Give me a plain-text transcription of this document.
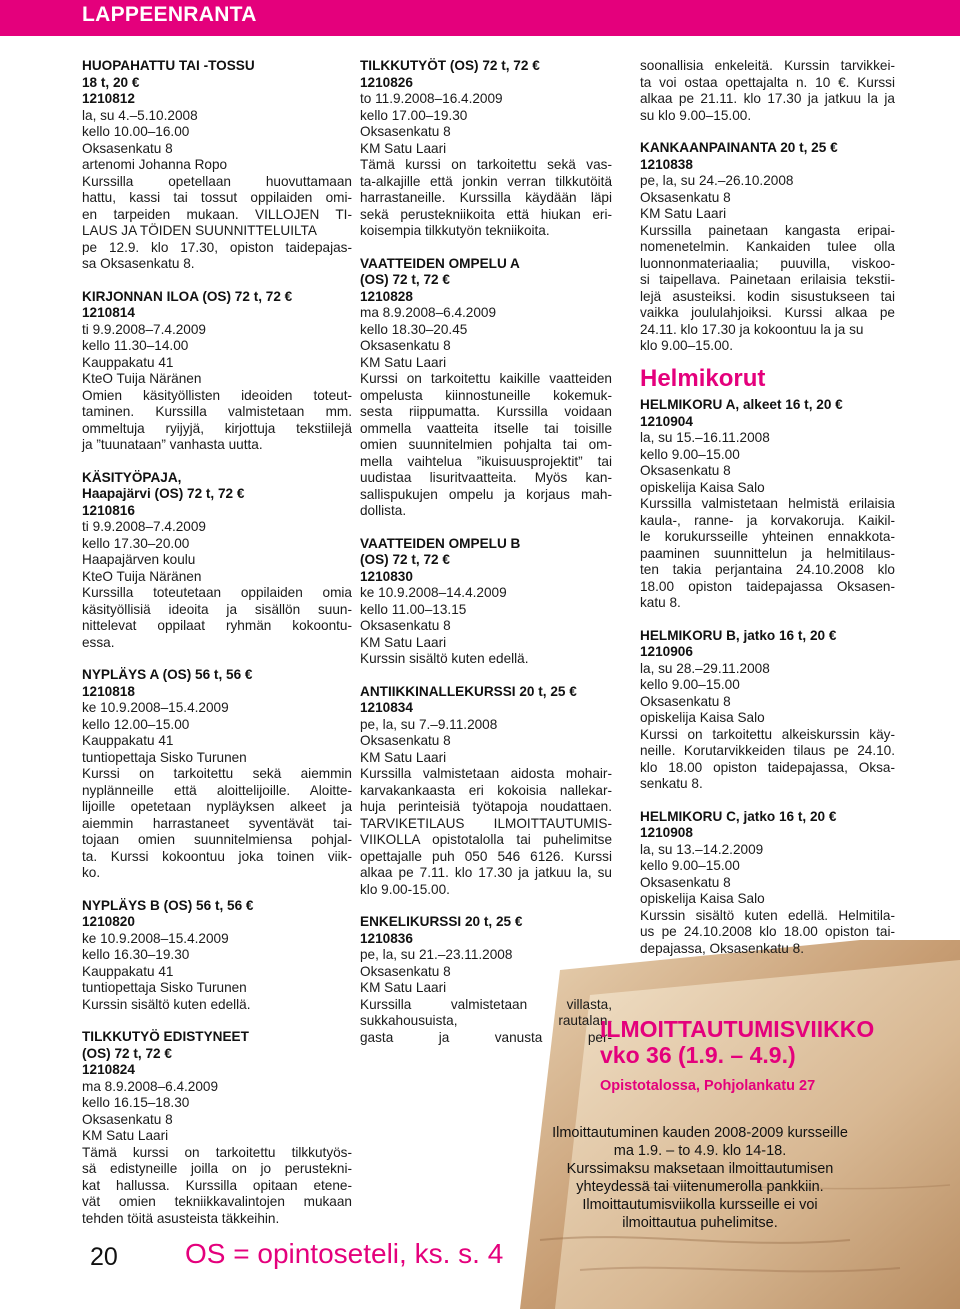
LAPPEENRANTA
HUOPAHATTU TAI -TOSSU
18 t, 20 €
1210812
la, su 4.–5.10.2008
kello 10.00–16.00
Oksasenkatu 8
artenomi Johanna Ropo
Kurssilla opetellaan huovuttamaan
hattu, kassi tai tossut oppilaiden omi-
en tarpeiden mukaan. VILLOJEN TI-
LAUS JA TÖIDEN SUUNNITTELUILTA
pe 12.9. klo 17.30, opiston taidepajas-
sa Oksasenkatu 8.
KIRJONNAN ILOA (OS) 72 t, 72 €
1210814
ti 9.9.2008–7.4.2009
kello 11.30–14.00
Kauppakatu 41
KteO Tuija Näränen
Omien käsityöllisten ideoiden toteut-
taminen. Kurssilla valmistetaan mm.
ommeltuja ryijyjä, kirjottuja tekstiilejä
ja ”tuunataan” vanhasta uutta.
KÄSITYÖPAJA,
Haapajärvi (OS) 72 t, 72 €
1210816
ti 9.9.2008–7.4.2009
kello 17.30–20.00
Haapajärven koulu
KteO Tuija Näränen
Kurssilla toteutetaan oppilaiden omia
käsityöllisiä ideoita ja sisällön suun-
nittelevat oppilaat ryhmän kokoontu-
essa.
NYPLÄYS A (OS) 56 t, 56 €
1210818
ke 10.9.2008–15.4.2009
kello 12.00–15.00
Kauppakatu 41
tuntiopettaja Sisko Turunen
Kurssi on tarkoitettu sekä aiemmin
nyplänneille että aloittelijoille. Aloitte-
lijoille opetetaan nypläyksen alkeet ja
aiemmin harrastaneet syventävät tai-
tojaan omien suunnitelmiensa pohjal-
ta. Kurssi kokoontuu joka toinen viik-
ko.
NYPLÄYS B (OS) 56 t, 56 €
1210820
ke 10.9.2008–15.4.2009
kello 16.30–19.30
Kauppakatu 41
tuntiopettaja Sisko Turunen
Kurssin sisältö kuten edellä.
TILKKUTYÖ EDISTYNEET
(OS) 72 t, 72 €
1210824
ma 8.9.2008–6.4.2009
kello 16.15–18.30
Oksasenkatu 8
KM Satu Laari
Tämä kurssi on tarkoitettu tilkkutyös-
sä edistyneille joilla on jo perustekni-
kat hallussa. Kurssilla opitaan etene-
vät omien tekniikkavalintojen mukaan
tehden töitä asusteista täkkeihin.
TILKKUTYÖT (OS) 72 t, 72 €
1210826
to 11.9.2008–16.4.2009
kello 17.00–19.30
Oksasenkatu 8
KM Satu Laari
Tämä kurssi on tarkoitettu sekä vas-
ta-alkajille että jonkin verran tilkkutöitä
harrastaneille. Kurssilla käydään läpi
sekä perustekniikoita että hiukan eri-
koisempia tilkkutyön tekniikoita.
VAATTEIDEN OMPELU A
(OS) 72 t, 72 €
1210828
ma 8.9.2008–6.4.2009
kello 18.30–20.45
Oksasenkatu 8
KM Satu Laari
Kurssi on tarkoitettu kaikille vaatteiden
ompelusta kiinnostuneille kokemuk-
sesta riippumatta. Kurssilla voidaan
ommella vaatteita itselle tai toisille
omien suunnitelmien pohjalta tai om-
mella vaihtelua ”ikuisuusprojektit” tai
uudistaa lisuritvaatteita. Myös kan-
sallispukujen ompelu ja korjaus mah-
dollista.
VAATTEIDEN OMPELU B
(OS) 72 t, 72 €
1210830
ke 10.9.2008–14.4.2009
kello 11.00–13.15
Oksasenkatu 8
KM Satu Laari
Kurssin sisältö kuten edellä.
ANTIIKKINALLEKURSSI 20 t, 25 €
1210834
pe, la, su 7.–9.11.2008
Oksasenkatu 8
KM Satu Laari
Kurssilla valmistetaan aidosta mohair-
karvakankaasta eri kokoisia nallekar-
huja perinteisiä työtapoja noudattaen.
TARVIKETILAUS ILMOITTAUTUMIS-
VIIKOLLA opistotalolla tai puhelimitse
opettajalle puh 050 546 6126. Kurssi
alkaa pe 7.11. klo 17.30 ja jatkuu la, su
klo 9.00-15.00.
ENKELIKURSSI 20 t, 25 €
1210836
pe, la, su 21.–23.11.2008
Oksasenkatu 8
KM Satu Laari
Kurssilla valmistetaan villasta,
sukkahousuista, rautalan-
gasta ja vanusta per-
soonallisia enkeleitä. Kurssin tarvikkei-
ta voi ostaa opettajalta n. 10 €. Kurssi
alkaa pe 21.11. klo 17.30 ja jatkuu la ja
su klo 9.00–15.00.
KANKAANPAINANTA 20 t, 25 €
1210838
pe, la, su 24.–26.10.2008
Oksasenkatu 8
KM Satu Laari
Kurssilla painetaan kangasta eripai-
nomenetelmin. Kankaiden tulee olla
luonnonmateriaalia; puuvilla, viskoo-
si taipellava. Painetaan erilaisia tekstii-
lejä asusteiksi. kodin sisustukseen tai
vaikka joululahjoiksi. Kurssi alkaa pe
24.11. klo 17.30 ja kokoontuu la ja su
klo 9.00–15.00.
Helmikorut
HELMIKORU A, alkeet 16 t, 20 €
1210904
la, su 15.–16.11.2008
kello 9.00–15.00
Oksasenkatu 8
opiskelija Kaisa Salo
Kurssilla valmistetaan helmistä erilaisia
kaula-, ranne- ja korvakoruja. Kaikil-
le korukursseille yhteinen ennakkota-
paaminen suunnittelun ja helmitilaus-
ten takia perjantaina 24.10.2008 klo
18.00 opiston taidepajassa Oksasen-
katu 8.
HELMIKORU B, jatko 16 t, 20 €
1210906
la, su 28.–29.11.2008
kello 9.00–15.00
Oksasenkatu 8
opiskelija Kaisa Salo
Kurssi on tarkoitettu alkeiskurssin käy-
neille. Korutarvikkeiden tilaus pe 24.10.
klo 18.00 opiston taidepajassa, Oksa-
senkatu 8.
HELMIKORU C, jatko 16 t, 20 €
1210908
la, su 13.–14.2.2009
kello 9.00–15.00
Oksasenkatu 8
opiskelija Kaisa Salo
Kurssin sisältö kuten edellä. Helmitila-
us pe 24.10.2008 klo 18.00 opiston tai-
depajassa, Oksasenkatu 8.
ILMOITTAUTUMISVIIKKO
vko 36 (1.9. – 4.9.)
Opistotalossa, Pohjolankatu 27
Ilmoittautuminen kauden 2008-2009 kursseille
ma 1.9. – to 4.9. klo 14-18.
Kurssimaksu maksetaan ilmoittautumisen
yhteydessä tai viitenumerolla pankkiin.
Ilmoittautumisviikolla kursseille ei voi
ilmoittautua puhelimitse.
20 OS = opintoseteli, ks. s. 4
